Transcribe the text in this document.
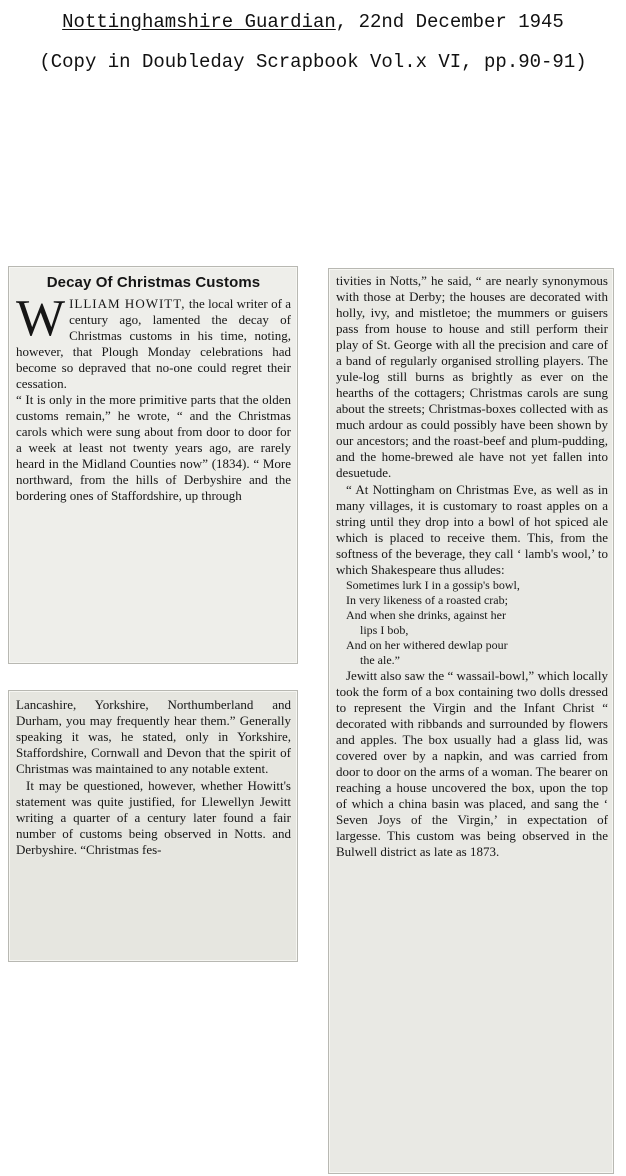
Nottinghamshire Guardian, 22nd December 1945
(Copy in Doubleday Scrapbook Vol.x VI, pp.90-91)
Decay Of Christmas Customs
W ILLIAM HOWITT, the local writer of a century ago, lamented the decay of Christmas customs in his time, noting, however, that Plough Monday celebrations had become so depraved that no-one could regret their cessation.

“ It is only in the more primitive parts that the olden customs remain,” he wrote, “ and the Christmas carols which were sung about from door to door for a week at least not twenty years ago, are rarely heard in the Midland Counties now” (1834). “ More northward, from the hills of Derbyshire and the bordering ones of Staffordshire, up through

Lancashire, Yorkshire, Northumberland and Durham, you may frequently hear them.” Generally speaking it was, he stated, only in Yorkshire, Staffordshire, Cornwall and Devon that the spirit of Christmas was maintained to any notable extent.

It may be questioned, however, whether Howitt's statement was quite justified, for Llewellyn Jewitt writing a quarter of a century later found a fair number of customs being observed in Notts. and Derbyshire. “Christmas fes-

tivities in Notts,” he said, “ are nearly synonymous with those at Derby; the houses are decorated with holly, ivy, and mistletoe; the mummers or guisers pass from house to house and still perform their play of St. George with all the precision and care of a band of regularly organised strolling players. The yule-log still burns as brightly as ever on the hearths of the cottagers; Christmas carols are sung about the streets; Christmas-boxes collected with as much ardour as could possibly have been shown by our ancestors; and the roast-beef and plum-pudding, and the home-brewed ale have not yet fallen into desuetude.

“ At Nottingham on Christmas Eve, as well as in many villages, it is customary to roast apples on a string until they drop into a bowl of hot spiced ale which is placed to receive them. This, from the softness of the beverage, they call ‘ lamb's wool,’ to which Shakespeare thus alludes:

Sometimes lurk I in a gossip's bowl,
In very likeness of a roasted crab;
And when she drinks, against her
lips I bob,
And on her withered dewlap pour
the ale.”

Jewitt also saw the “ wassail-bowl,” which locally took the form of a box containing two dolls dressed to represent the Virgin and the Infant Christ “ decorated with ribbands and surrounded by flowers and apples. The box usually had a glass lid, was covered over by a napkin, and was carried from door to door on the arms of a woman. The bearer on reaching a house uncovered the box, upon the top of which a china basin was placed, and sang the ‘ Seven Joys of the Virgin,’ in expectation of largesse. This custom was being observed in the Bulwell district as late as 1873.
